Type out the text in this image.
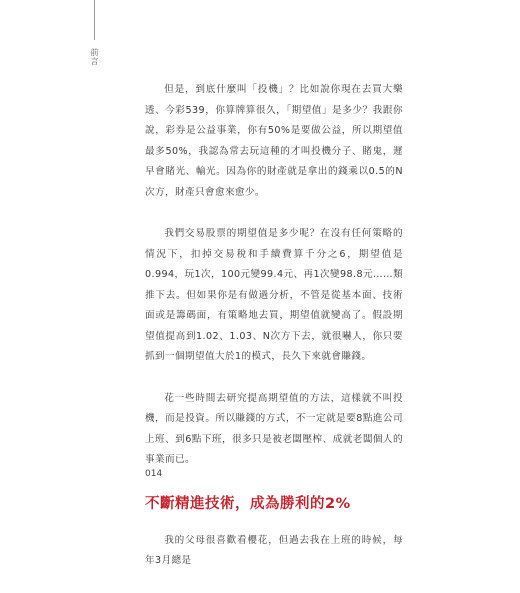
前言

但是，到底什麼叫「投機」？比如說你現在去買大樂透、今彩539，你算牌算很久，「期望值」是多少？我跟你說，彩券是公益事業，你有50%是要做公益，所以期望值最多50%，我認為常去玩這種的才叫投機分子、賭鬼，遲早會賭光、輸光。因為你的財產就是拿出的錢乘以0.5的N次方，財產只會愈來愈少。

我們交易股票的期望值是多少呢？在沒有任何策略的情況下，扣掉交易稅和手續費算千分之6，期望值是0.994，玩1次，100元變99.4元、再1次變98.8元……類推下去。但如果你是有做過分析，不管是從基本面、技術面或是籌碼面，有策略地去買，期望值就變高了。假設期望值提高到1.02、1.03、N次方下去，就很嚇人，你只要抓到一個期望值大於1的模式，長久下來就會賺錢。

花一些時間去研究提高期望值的方法，這樣就不叫投機，而是投資。所以賺錢的方式，不一定就是要8點進公司上班、到6點下班，很多只是被老闆壓榨、成就老闆個人的事業而已。

不斷精進技術，成為勝利的2%

我的父母很喜歡看櫻花，但過去我在上班的時候，每年3月總是

014
